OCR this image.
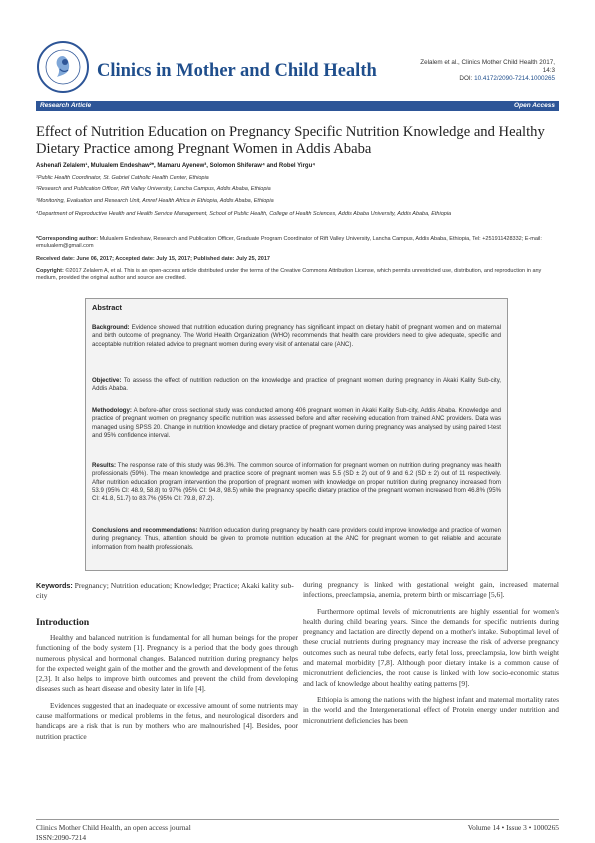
Clinics in Mother and Child Health	Zelalem et al., Clinics Mother Child Health 2017,
14:3
DOI: 10.4172/2090-7214.1000265
Research Article	Open Access
Effect of Nutrition Education on Pregnancy Specific Nutrition Knowledge and Healthy Dietary Practice among Pregnant Women in Addis Ababa
Ashenafi Zelalem¹, Mulualem Endeshaw²*, Mamaru Ayenew³, Solomon Shiferaw⁴ and Robel Yirgu⁴
¹Public Health Coordinator, St. Gabriel Catholic Health Center, Ethiopia
²Research and Publication Officer, Rift Valley University, Lancha Campus, Addis Ababa, Ethiopia
³Monitoring, Evaluation and Research Unit, Amref Health Africa in Ethiopia, Addis Ababa, Ethiopia
⁴Department of Reproductive Health and Health Service Management, School of Public Health, College of Health Sciences, Addis Ababa University, Addis Ababa, Ethiopia
*Corresponding author: Mulualem Endeshaw, Research and Publication Officer, Graduate Program Coordinator of Rift Valley University, Lancha Campus, Addis Ababa, Ethiopia, Tel: +251911428332; E-mail: emulualem@gmail.com
Received date: June 06, 2017; Accepted date: July 15, 2017; Published date: July 25, 2017
Copyright: ©2017 Zelalem A, et al. This is an open-access article distributed under the terms of the Creative Commons Attribution License, which permits unrestricted use, distribution, and reproduction in any medium, provided the original author and source are credited.
Abstract
Background: Evidence showed that nutrition education during pregnancy has significant impact on dietary habit of pregnant women and on maternal and birth outcome of pregnancy. The World Health Organization (WHO) recommends that health care providers need to give adequate, specific and acceptable nutrition related advice to pregnant women during every visit of antenatal care (ANC).
Objective: To assess the effect of nutrition reduction on the knowledge and practice of pregnant women during pregnancy in Akaki Kality Sub-city, Addis Ababa.
Methodology: A before-after cross sectional study was conducted among 406 pregnant women in Akaki Kality Sub-city, Addis Ababa. Knowledge and practice of pregnant women on pregnancy specific nutrition was assessed before and after receiving education from trained ANC providers. Data was managed using SPSS 20. Change in nutrition knowledge and dietary practice of pregnant women during pregnancy was analysed by using paired t-test and 95% confidence interval.
Results: The response rate of this study was 96.3%. The common source of information for pregnant women on nutrition during pregnancy was health professionals (59%). The mean knowledge and practice score of pregnant women was 5.5 (SD ± 2) out of 9 and 6.2 (SD ± 2) out of 11 respectively. After nutrition education program intervention the proportion of pregnant women with knowledge on proper nutrition during pregnancy increased from 53.9 (95% CI: 48.9, 58.8) to 97% (95% CI: 94.8, 98.5) while the pregnancy specific dietary practice of the pregnant women increased from 46.8% (95% CI: 41.8, 51.7) to 83.7% (95% CI: 79.8, 87.2).
Conclusions and recommendations: Nutrition education during pregnancy by health care providers could improve knowledge and practice of women during pregnancy. Thus, attention should be given to promote nutrition education at the ANC for pregnant women to get reliable and accurate information from health professionals.
Keywords: Pregnancy; Nutrition education; Knowledge; Practice; Akaki kality sub-city
Introduction

Healthy and balanced nutrition is fundamental for all human beings for the proper functioning of the body system [1]. Pregnancy is a period that the body goes through numerous physical and hormonal changes. Balanced nutrition during pregnancy helps for the expected weight gain of the mother and the growth and development of the fetus [2,3]. It also helps to improve birth outcomes and prevent the child from developing diseases such as heart disease and obesity later in life [4].

Evidences suggested that an inadequate or excessive amount of some nutrients may cause malformations or medical problems in the fetus, and neurological disorders and handicaps are a risk that is run by mothers who are malnourished [4]. Besides, poor nutrition practice

during pregnancy is linked with gestational weight gain, increased maternal infections, preeclampsia, anemia, preterm birth or miscarriage [5,6].

Furthermore optimal levels of micronutrients are highly essential for women's health during child bearing years. Since the demands for specific nutrients during pregnancy and lactation are directly depend on a mother's intake. Suboptimal level of these crucial nutrients during pregnancy may increase the risk of adverse pregnancy outcomes such as neural tube defects, early fetal loss, preeclampsia, low birth weight and maternal morbidity [7,8]. Although poor dietary intake is a common cause of micronutrient deficiencies, the root cause is linked with low socio-economic status and lack of knowledge about healthy eating patterns [9].

Ethiopia is among the nations with the highest infant and maternal mortality rates in the world and the Intergenerational effect of Protein energy under nutrition and micronutrient deficiencies has been

Clinics Mother Child Health, an open access journal
ISSN:2090-7214
Volume 14 • Issue 3 • 1000265
